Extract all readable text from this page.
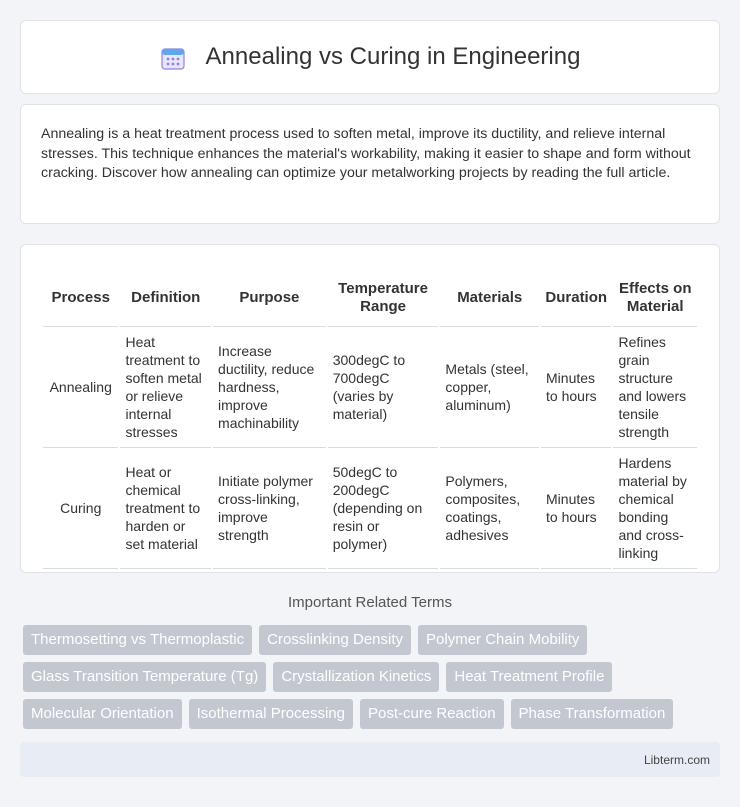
Annealing vs Curing in Engineering

Annealing is a heat treatment process used to soften metal, improve its ductility, and relieve internal stresses. This technique enhances the material's workability, making it easier to shape and form without cracking. Discover how annealing can optimize your metalworking projects by reading the full article.

Process	Definition	Purpose	Temperature Range	Materials	Duration	Effects on Material
Annealing	Heat treatment to soften metal or relieve internal stresses	Increase ductility, reduce hardness, improve machinability	300degC to 700degC (varies by material)	Metals (steel, copper, aluminum)	Minutes to hours	Refines grain structure and lowers tensile strength
Curing	Heat or chemical treatment to harden or set material	Initiate polymer cross-linking, improve strength	50degC to 200degC (depending on resin or polymer)	Polymers, composites, coatings, adhesives	Minutes to hours	Hardens material by chemical bonding and cross-linking
Important Related Terms
Thermosetting vs Thermoplastic	Crosslinking Density	Polymer Chain Mobility
Glass Transition Temperature (Tg)	Crystallization Kinetics	Heat Treatment Profile
Molecular Orientation	Isothermal Processing	Post-cure Reaction	Phase Transformation
Libterm.com
